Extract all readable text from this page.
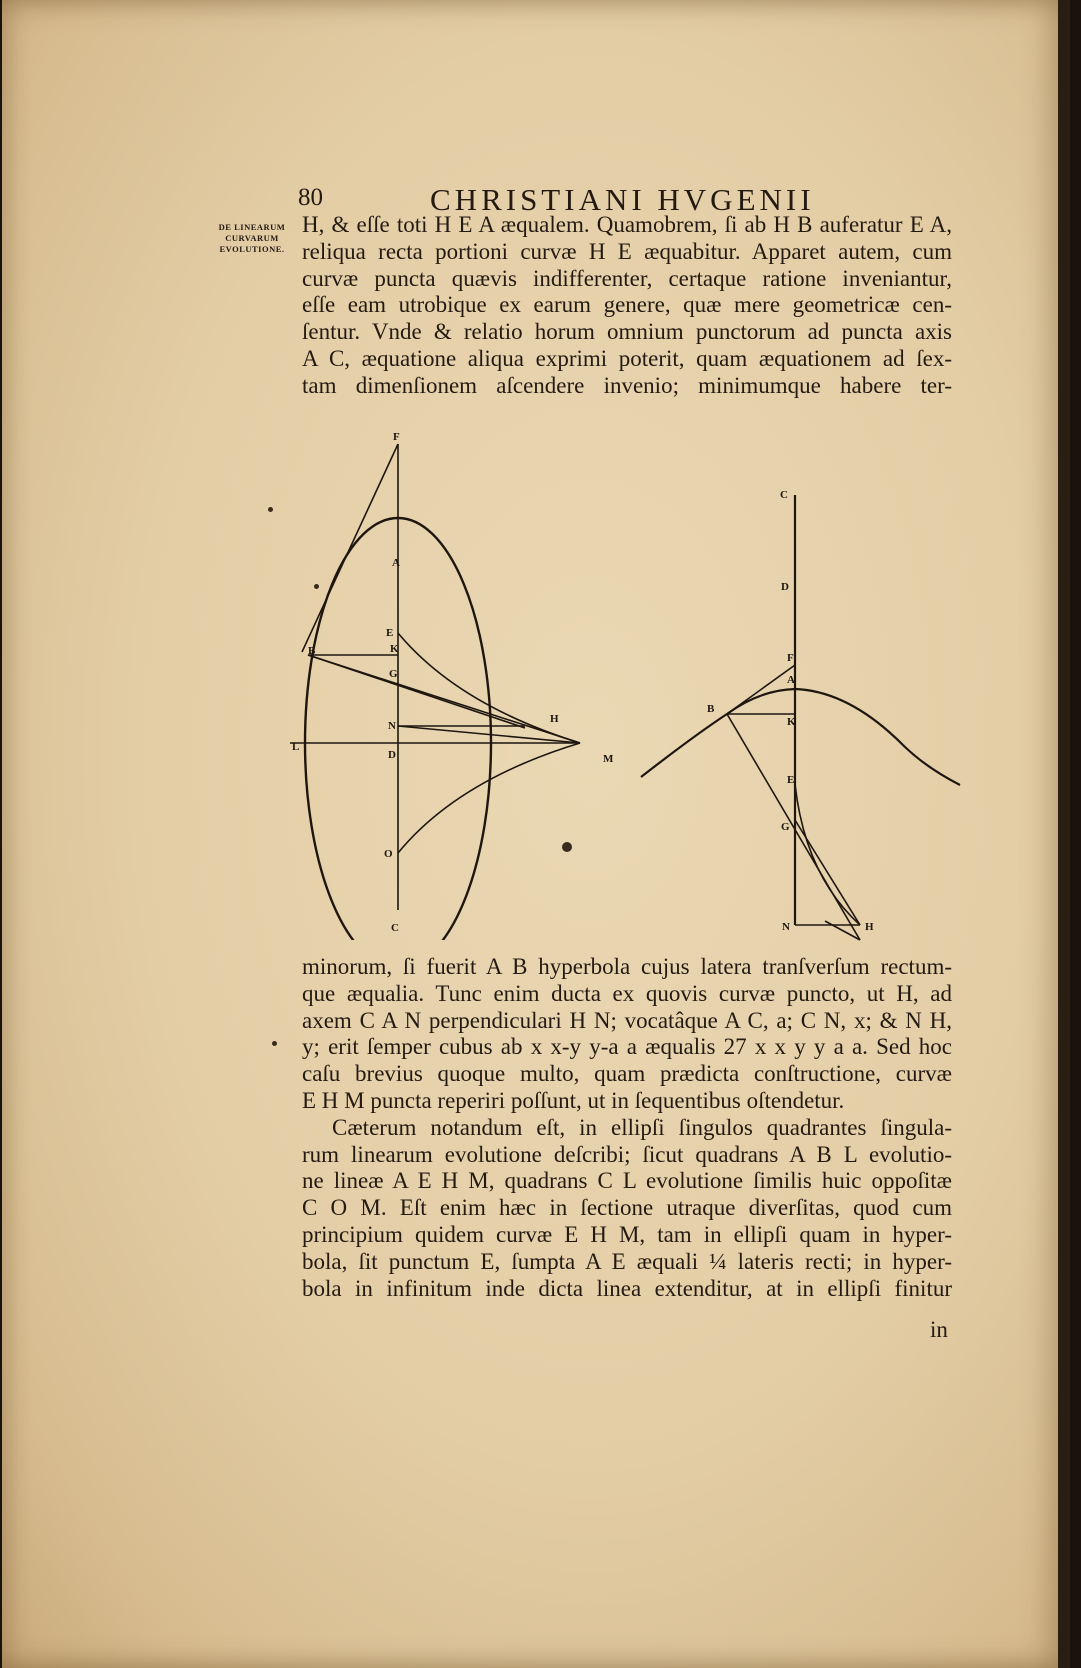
80	CHRISTIANI HVGENII
DE LINEARUM
CURVARUM
EVOLUTIONE.
H, & eſſe toti H E A æqualem. Quamobrem, ſi ab H B auferatur E A,
reliqua recta portioni curvæ H E æquabitur. Apparet autem, cum
curvæ puncta quævis indifferenter, certaque ratione inveniantur,
eſſe eam utrobique ex earum genere, quæ mere geometricæ cen-
ſentur. Vnde & relatio horum omnium punctorum ad puncta axis
A C, æquatione aliqua exprimi poterit, quam æquationem ad ſex-
tam dimenſionem aſcendere invenio; minimumque habere ter-
F
A
E
K
B
G
N
H
L
D	M
O
C
C
D
F
A
B
K
E
G
N	H
minorum, ſi fuerit A B hyperbola cujus latera tranſverſum rectum-
que æqualia. Tunc enim ducta ex quovis curvæ puncto, ut H, ad
axem C A N perpendiculari H N; vocatâque A C, a; C N, x; & N H,
y; erit ſemper cubus ab x x-y y-a a æqualis 27 x x y y a a. Sed hoc
caſu brevius quoque multo, quam prædicta conſtructione, curvæ
E H M puncta reperiri poſſunt, ut in ſequentibus oſtendetur.
Cæterum notandum eſt, in ellipſi ſingulos quadrantes ſingula-
rum linearum evolutione deſcribi; ſicut quadrans A B L evolutio-
ne lineæ A E H M, quadrans C L evolutione ſimilis huic oppoſitæ
C O M. Eſt enim hæc in ſectione utraque diverſitas, quod cum
principium quidem curvæ E H M, tam in ellipſi quam in hyper-
bola, ſit punctum E, ſumpta A E æquali ¼ lateris recti; in hyper-
bola in infinitum inde dicta linea extenditur, at in ellipſi finitur
in
